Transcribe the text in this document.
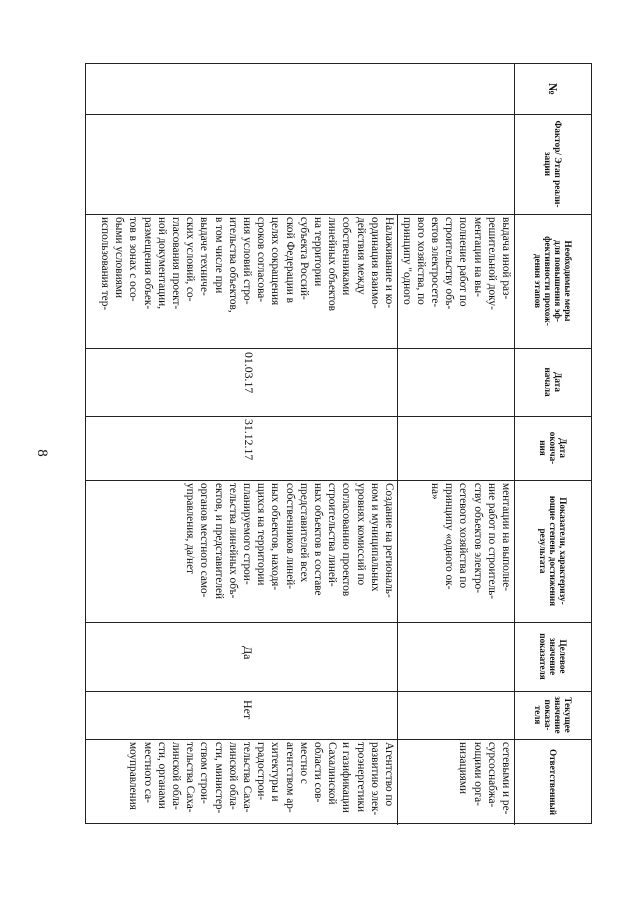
8
№
Фактор/ Этап реали-
зации
Необходимые меры
для повышения эф-
фективности прохож-
дения этапов
Дата
начала
Дата
оконча-
ния
Показатели, характеризу-
ющие степень достижения
результата
Целевое
значение
показателя
Текущее
значение
показа-
теля
Ответственный
выдача иной раз-
решительной доку-
ментации на вы-
полнение работ по
строительству объ-
ектов электросете-
вого хозяйства, по
принципу "одного

ментации на выполне-
ние работ по строитель-
ству объектов электро-
сетевого хозяйства по
принципу «одного ок-
на»
сетевыми и ре-
сурсоснабжа-
ющими орга-
низациями
Налаживание и ко-
ординация взаимо-
действия между
собственниками
линейных объектов
на территории
субъекта Россий-
ской Федерации в
целях сокращения
сроков согласова-
ния условий стро-
ительства объектов,
в том числе при
выдаче техниче-
ских условий, со-
гласования проект-
ной документации,
размещения объек-
тов в зонах с осо-
быми условиями
использования тер-
01.03.17
31.12.17
Создание на региональ-
ном и муниципальных
уровнях комиссий по
согласованию проектов
строительства линей-
ных объектов в составе
представителей всех
собственников линей-
ных объектов, находя-
щихся на территории
планируемого строи-
тельства линейных объ-
ектов, и представителей
органов местного само-
управления, да/нет
Да
Нет
Агентство по
развитию элек-
троэнергетики
и газификации
Сахалинской
области сов-
местно с
агентством ар-
хитектуры и
градострои-
тельства Саха-
линской обла-
сти, министер-
ством строи-
тельства Саха-
линской обла-
сти, органами
местного са-
моуправления
